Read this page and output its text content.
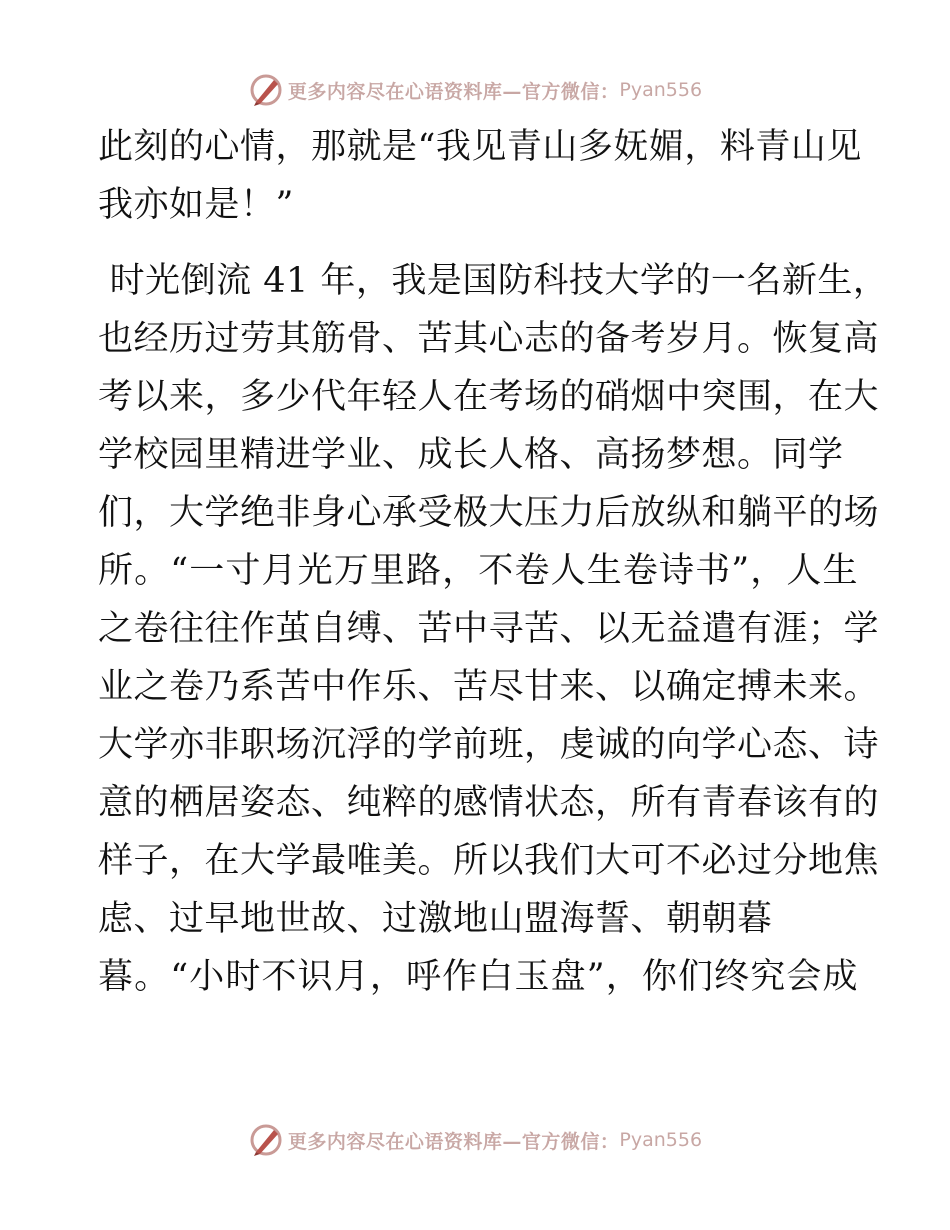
更多内容尽在心语资料库—官方微信： Pyan556
此刻的心情，那就是“我见青山多妩媚，料青山见
我亦如是！”
时光倒流 41 年，我是国防科技大学的一名新生，
也经历过劳其筋骨、苦其心志的备考岁月。恢复高
考以来，多少代年轻人在考场的硝烟中突围，在大
学校园里精进学业、成长人格、高扬梦想。同学
们，大学绝非身心承受极大压力后放纵和躺平的场
所。“一寸月光万里路，不卷人生卷诗书”，人生
之卷往往作茧自缚、苦中寻苦、以无益遣有涯；学
业之卷乃系苦中作乐、苦尽甘来、以确定搏未来。
大学亦非职场沉浮的学前班，虔诚的向学心态、诗
意的栖居姿态、纯粹的感情状态，所有青春该有的
样子，在大学最唯美。所以我们大可不必过分地焦
虑、过早地世故、过激地山盟海誓、朝朝暮
暮。“小时不识月，呼作白玉盘”，你们终究会成
更多内容尽在心语资料库—官方微信： Pyan556
